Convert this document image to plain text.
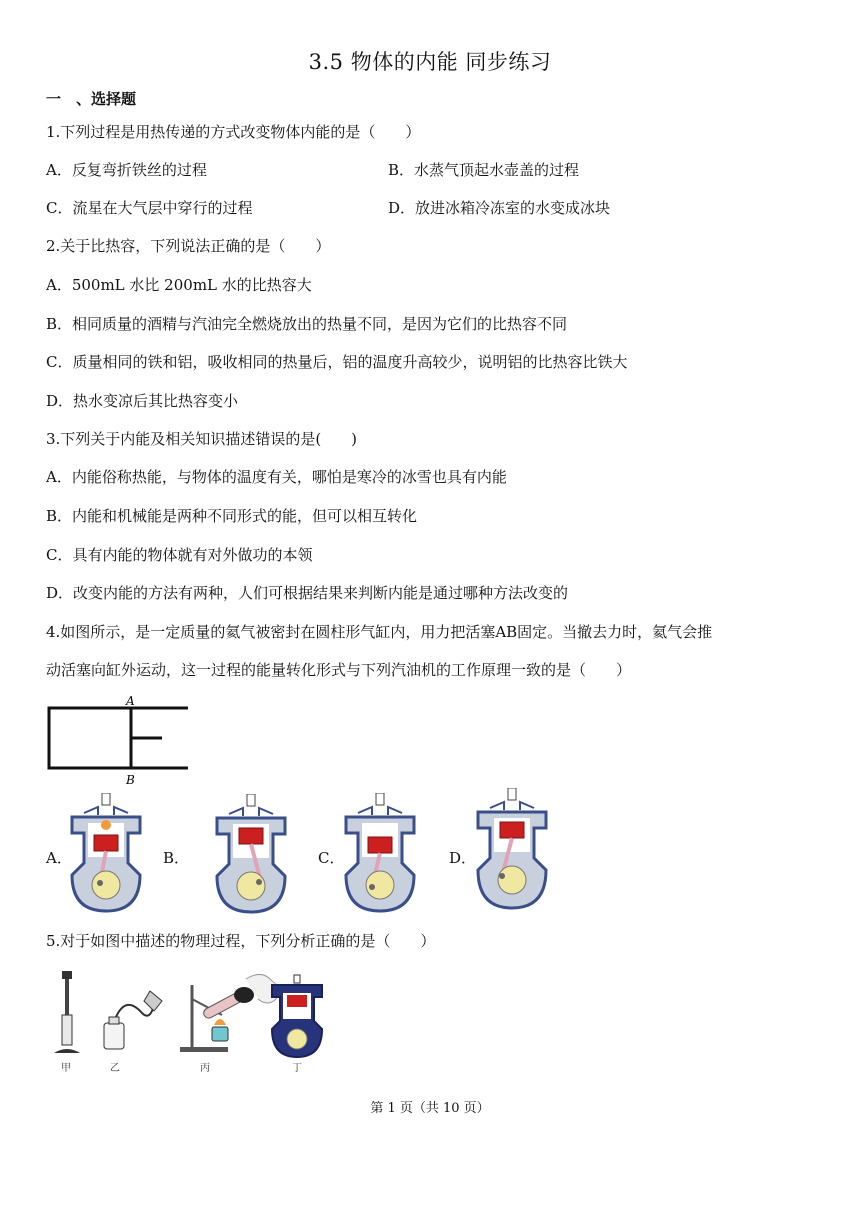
3.5 物体的内能 同步练习
一　、选择题
1.下列过程是用热传递的方式改变物体内能的是（　　）
A．反复弯折铁丝的过程	B．水蒸气顶起水壶盖的过程
C．流星在大气层中穿行的过程	D．放进冰箱冷冻室的水变成冰块
2.关于比热容，下列说法正确的是（　　）
A．500mL 水比 200mL 水的比热容大
B．相同质量的酒精与汽油完全燃烧放出的热量不同，是因为它们的比热容不同
C．质量相同的铁和铝，吸收相同的热量后，铝的温度升高较少，说明铝的比热容比铁大
D．热水变凉后其比热容变小
3.下列关于内能及相关知识描述错误的是(　　)
A．内能俗称热能，与物体的温度有关，哪怕是寒冷的冰雪也具有内能
B．内能和机械能是两种不同形式的能，但可以相互转化
C．具有内能的物体就有对外做功的本领
D．改变内能的方法有两种，人们可根据结果来判断内能是通过哪种方法改变的
4.如图所示，是一定质量的氦气被密封在圆柱形气缸内，用力把活塞AB固定。当撤去力时，氦气会推
动活塞向缸外运动，这一过程的能量转化形式与下列汽油机的工作原理一致的是（　　）
A
B
A．	B．	C．	D．
5.对于如图中描述的物理过程，下列分析正确的是（　　）
甲	乙	丙	丁
第 1 页（共 10 页）
